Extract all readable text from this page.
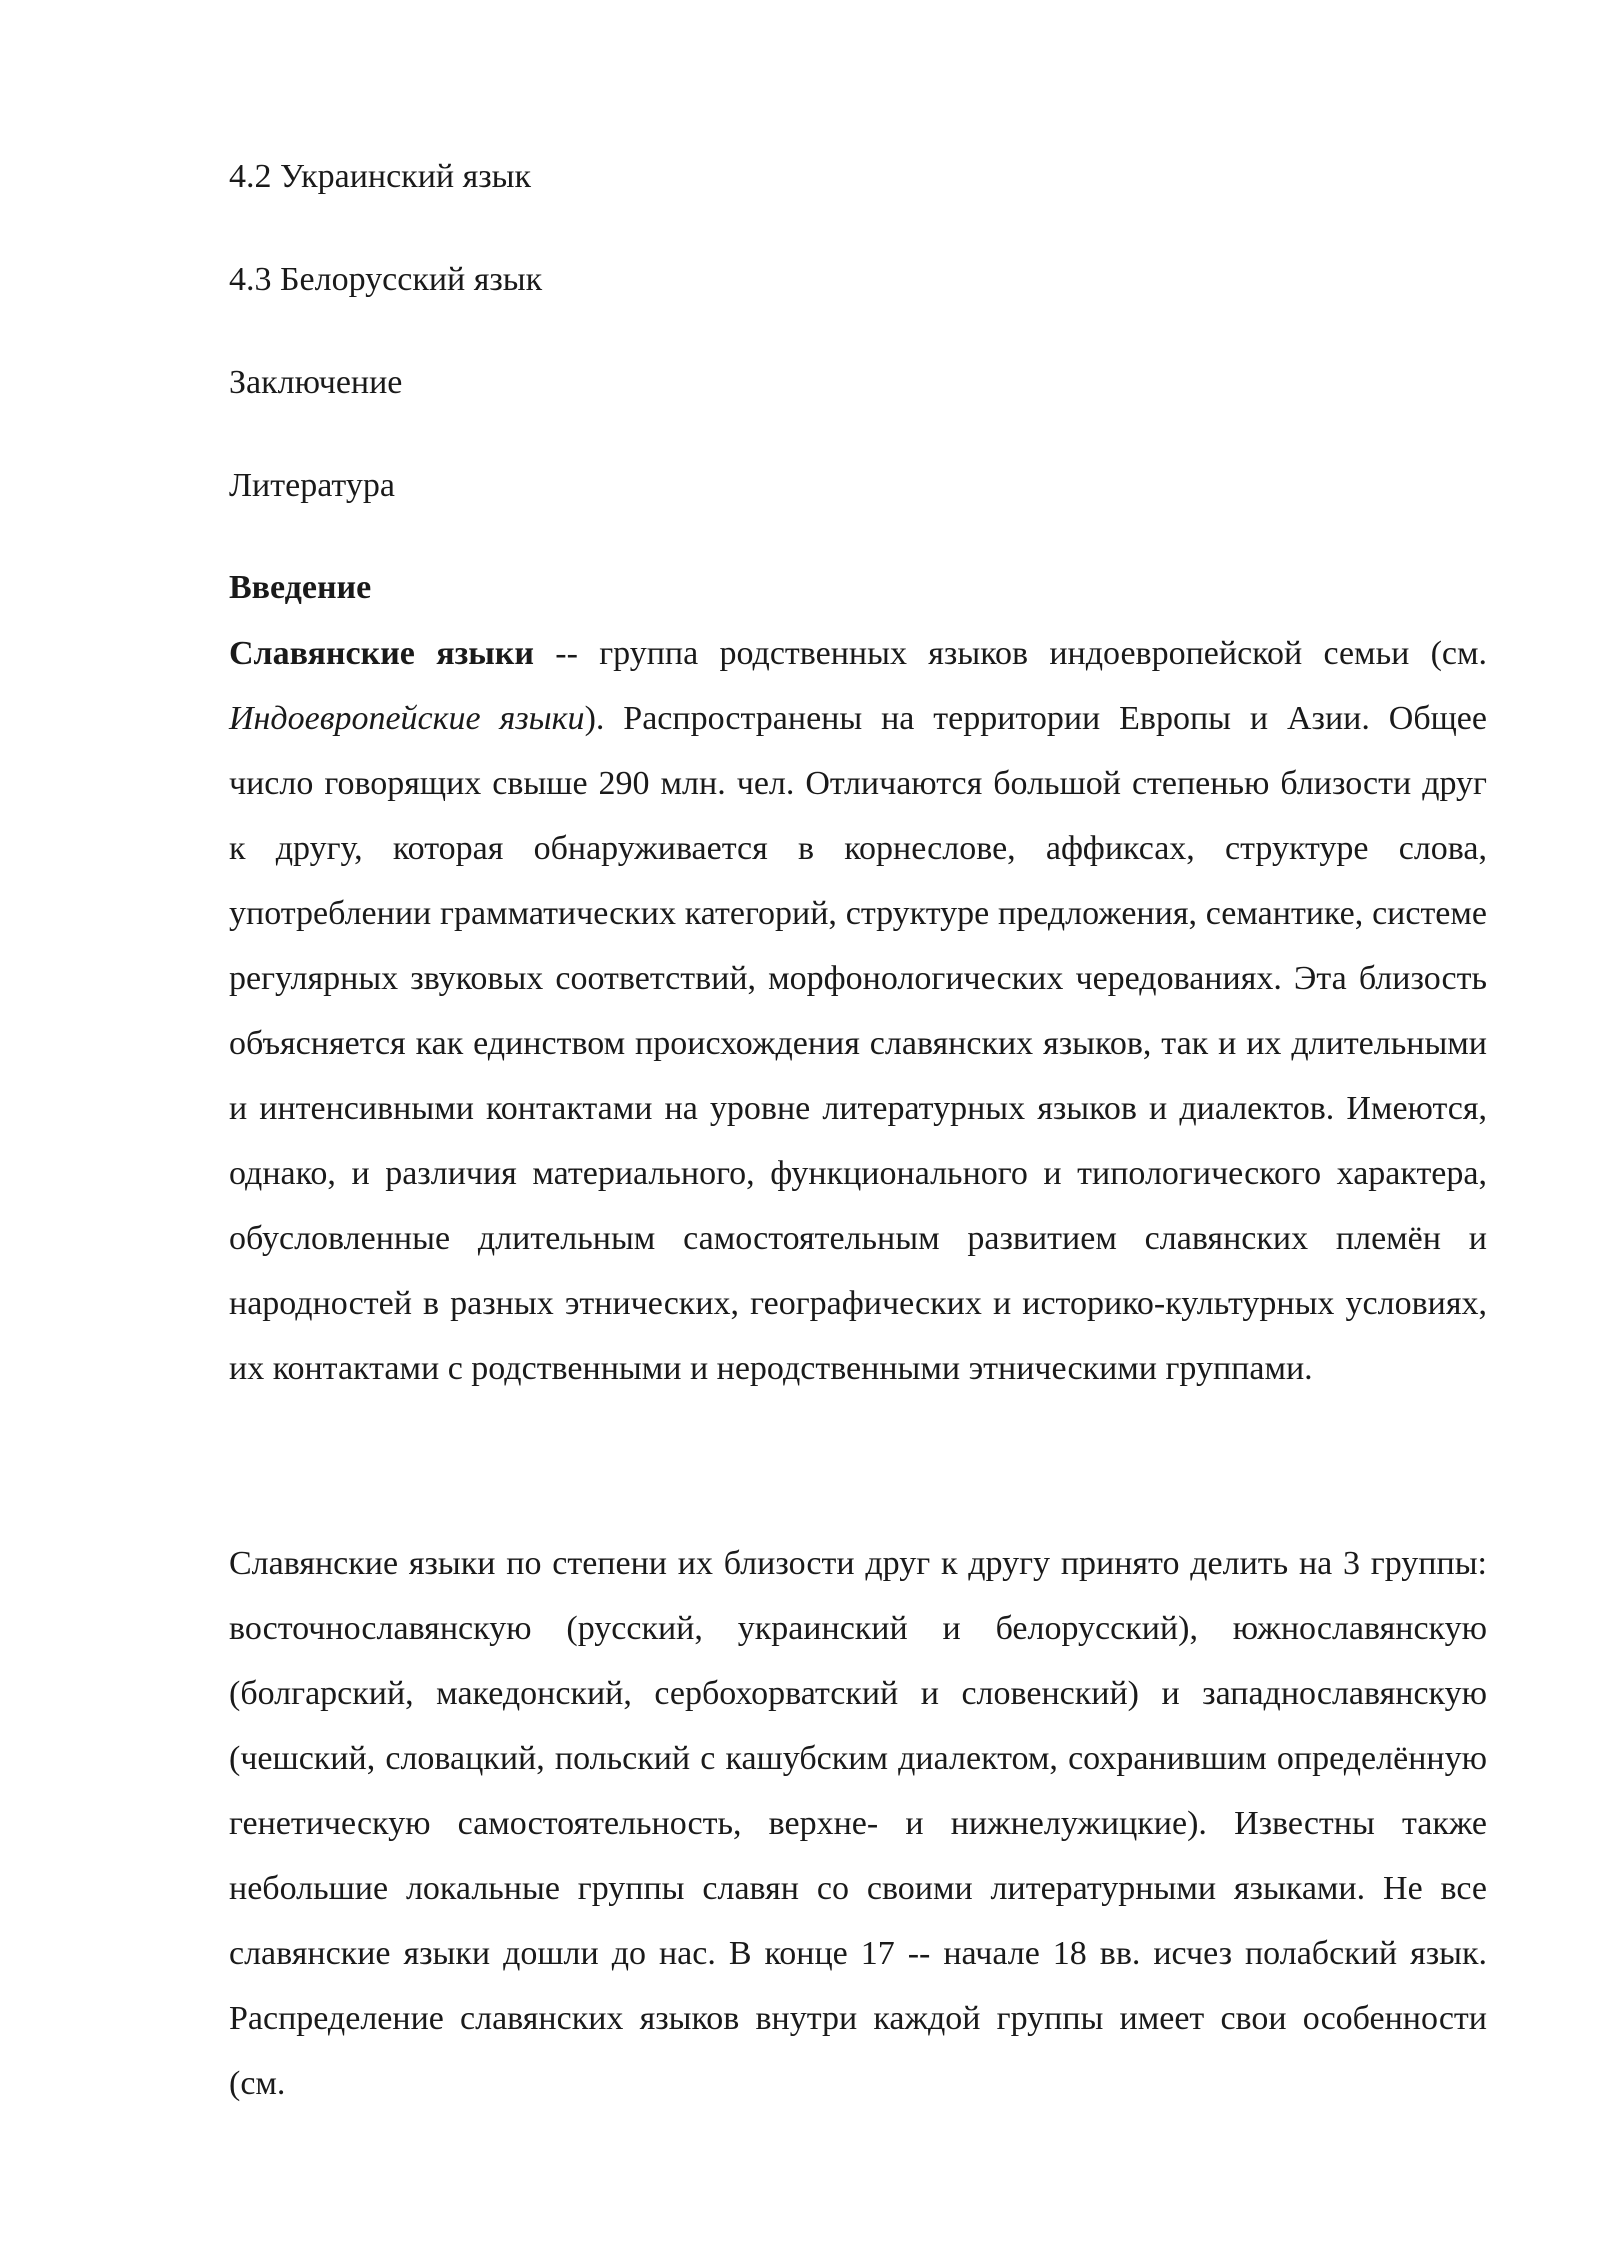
4.2 Украинский язык
4.3 Белорусский язык
Заключение
Литература
Введение

Славянские языки -- группа родственных языков индоевропейской семьи (см. Индоевропейские языки). Распространены на территории Европы и Азии. Общее число говорящих свыше 290 млн. чел. Отличаются большой степенью близости друг к другу, которая обнаруживается в корнеслове, аффиксах, структуре слова, употреблении грамматических категорий, структуре предложения, семантике, системе регулярных звуковых соответствий, морфонологических чередованиях. Эта близость объясняется как единством происхождения славянских языков, так и их длительными и интенсивными контактами на уровне литературных языков и диалектов. Имеются, однако, и различия материального, функционального и типологического характера, обусловленные длительным самостоятельным развитием славянских племён и народностей в разных этнических, географических и историко-культурных условиях, их контактами с родственными и неродственными этническими группами.

Славянские языки по степени их близости друг к другу принято делить на 3 группы: восточнославянскую (русский, украинский и белорусский), южнославянскую (болгарский, македонский, сербохорватский и словенский) и западнославянскую (чешский, словацкий, польский с кашубским диалектом, сохранившим определённую генетическую самостоятельность, верхне- и нижнелужицкие). Известны также небольшие локальные группы славян со своими литературными языками. Не все славянские языки дошли до нас. В конце 17 -- начале 18 вв. исчез полабский язык. Распределение славянских языков внутри каждой группы имеет свои особенности (см.
